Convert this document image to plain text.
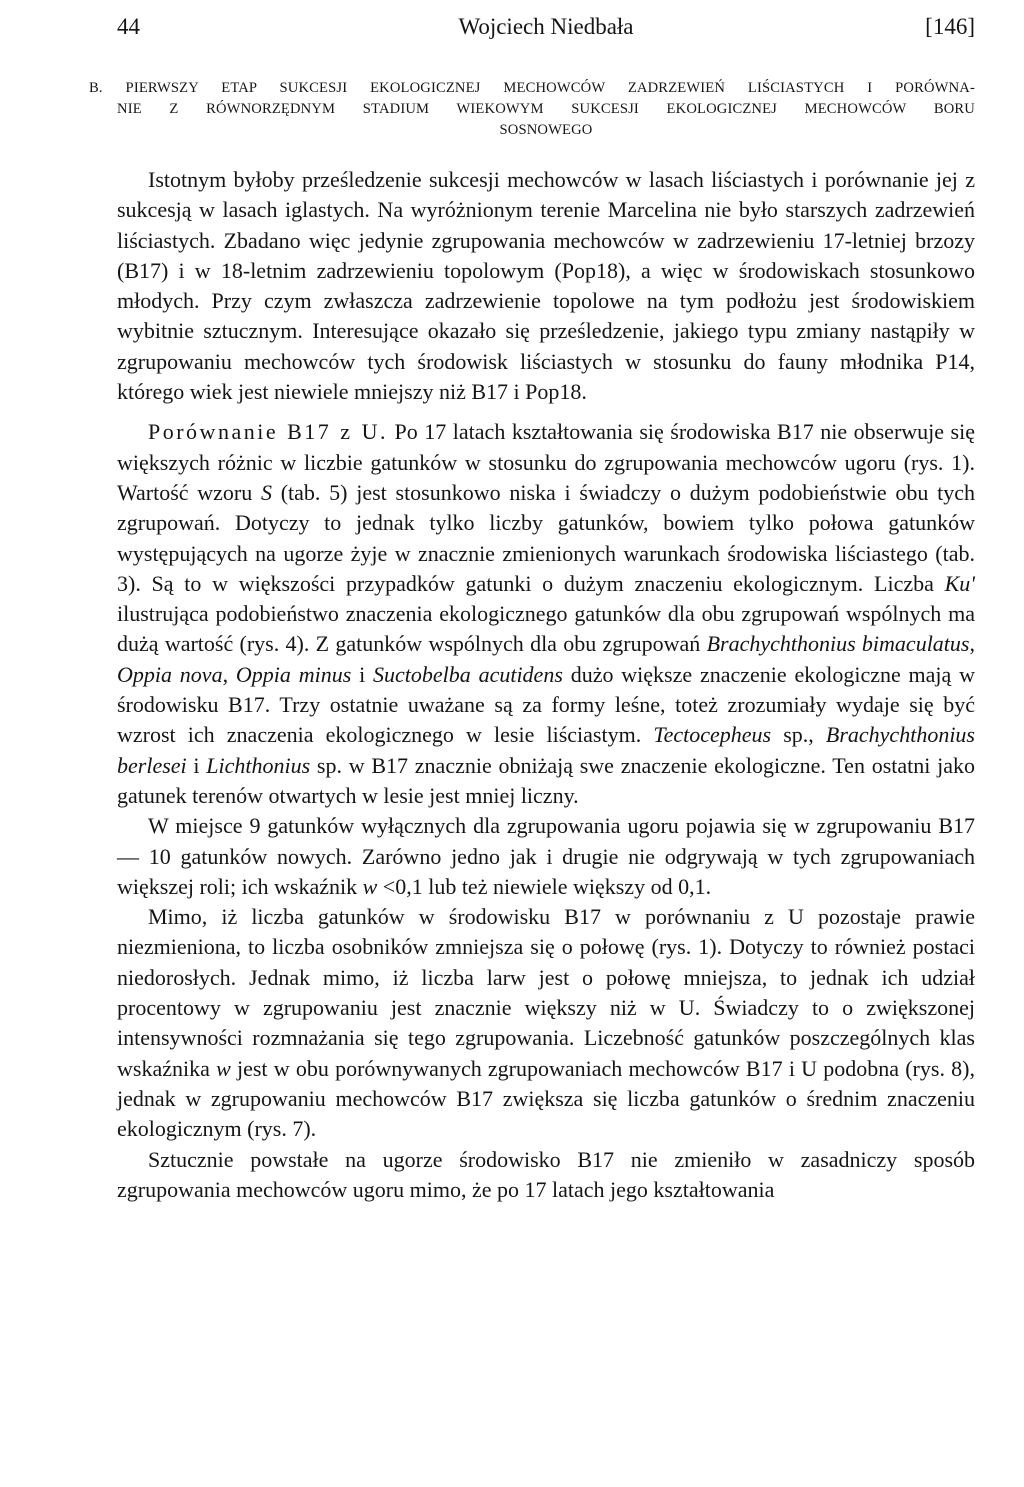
44	Wojciech Niedbała	[146]
B. PIERWSZY ETAP SUKCESJI EKOLOGICZNEJ MECHOWCÓW ZADRZEWIEŃ LIŚCIASTYCH I PORÓWNA-
NIE Z RÓWNORZĘDNYM STADIUM WIEKOWYM SUKCESJI EKOLOGICZNEJ MECHOWCÓW BORU
SOSNOWEGO

Istotnym byłoby prześledzenie sukcesji mechowców w lasach liściastych i porównanie jej z sukcesją w lasach iglastych. Na wyróżnionym terenie Marcelina nie było starszych zadrzewień liściastych. Zbadano więc jedynie zgrupowania mechowców w zadrzewieniu 17-letniej brzozy (B17) i w 18-letnim zadrzewieniu topolowym (Pop18), a więc w środowiskach stosunkowo młodych. Przy czym zwłaszcza zadrzewienie topolowe na tym podłożu jest środowiskiem wybitnie sztucznym. Interesujące okazało się prześledzenie, jakiego typu zmiany nastąpiły w zgrupowaniu mechowców tych środowisk liściastych w stosunku do fauny młodnika P14, którego wiek jest niewiele mniejszy niż B17 i Pop18.

Porównanie B17 z U. Po 17 latach kształtowania się środowiska B17 nie obserwuje się większych różnic w liczbie gatunków w stosunku do zgrupowania mechowców ugoru (rys. 1). Wartość wzoru S (tab. 5) jest stosunkowo niska i świadczy o dużym podobieństwie obu tych zgrupowań. Dotyczy to jednak tylko liczby gatunków, bowiem tylko połowa gatunków występujących na ugorze żyje w znacznie zmienionych warunkach środowiska liściastego (tab. 3). Są to w większości przypadków gatunki o dużym znaczeniu ekologicznym. Liczba Ku' ilustrująca podobieństwo znaczenia ekologicznego gatunków dla obu zgrupowań wspólnych ma dużą wartość (rys. 4). Z gatunków wspólnych dla obu zgrupowań Brachychthonius bimaculatus, Oppia nova, Oppia minus i Suctobelba acutidens dużo większe znaczenie ekologiczne mają w środowisku B17. Trzy ostatnie uważane są za formy leśne, toteż zrozumiały wydaje się być wzrost ich znaczenia ekologicznego w lesie liściastym. Tectocepheus sp., Brachychthonius berlesei i Lichthonius sp. w B17 znacznie obniżają swe znaczenie ekologiczne. Ten ostatni jako gatunek terenów otwartych w lesie jest mniej liczny.

W miejsce 9 gatunków wyłącznych dla zgrupowania ugoru pojawia się w zgrupowaniu B17 — 10 gatunków nowych. Zarówno jedno jak i drugie nie odgrywają w tych zgrupowaniach większej roli; ich wskaźnik w <0,1 lub też niewiele większy od 0,1.

Mimo, iż liczba gatunków w środowisku B17 w porównaniu z U pozostaje prawie niezmieniona, to liczba osobników zmniejsza się o połowę (rys. 1). Dotyczy to również postaci niedorosłych. Jednak mimo, iż liczba larw jest o połowę mniejsza, to jednak ich udział procentowy w zgrupowaniu jest znacznie większy niż w U. Świadczy to o zwiększonej intensywności rozmnażania się tego zgrupowania. Liczebność gatunków poszczególnych klas wskaźnika w jest w obu porównywanych zgrupowaniach mechowców B17 i U podobna (rys. 8), jednak w zgrupowaniu mechowców B17 zwiększa się liczba gatunków o średnim znaczeniu ekologicznym (rys. 7).

Sztucznie powstałe na ugorze środowisko B17 nie zmieniło w zasadniczy sposób zgrupowania mechowców ugoru mimo, że po 17 latach jego kształtowania
